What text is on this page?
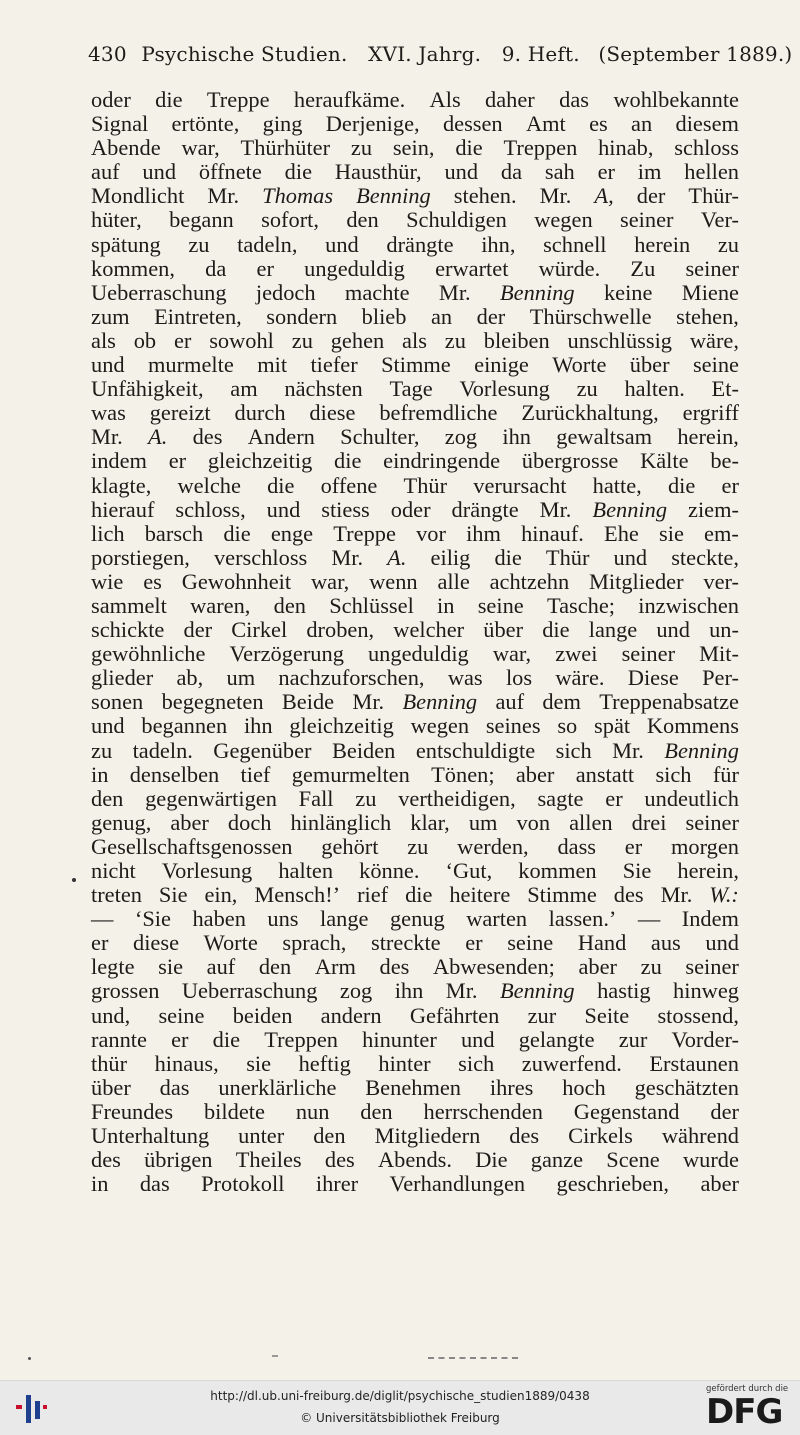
430 Psychische Studien. XVI. Jahrg. 9. Heft. (September 1889.)
oder die Treppe heraufkäme. Als daher das wohlbekannte
Signal ertönte, ging Derjenige, dessen Amt es an diesem
Abende war, Thürhüter zu sein, die Treppen hinab, schloss
auf und öffnete die Hausthür, und da sah er im hellen
Mondlicht Mr. Thomas Benning stehen. Mr. A, der Thür-
hüter, begann sofort, den Schuldigen wegen seiner Ver-
spätung zu tadeln, und drängte ihn, schnell herein zu
kommen, da er ungeduldig erwartet würde. Zu seiner
Ueberraschung jedoch machte Mr. Benning keine Miene
zum Eintreten, sondern blieb an der Thürschwelle stehen,
als ob er sowohl zu gehen als zu bleiben unschlüssig wäre,
und murmelte mit tiefer Stimme einige Worte über seine
Unfähigkeit, am nächsten Tage Vorlesung zu halten. Et-
was gereizt durch diese befremdliche Zurückhaltung, ergriff
Mr. A. des Andern Schulter, zog ihn gewaltsam herein,
indem er gleichzeitig die eindringende übergrosse Kälte be-
klagte, welche die offene Thür verursacht hatte, die er
hierauf schloss, und stiess oder drängte Mr. Benning ziem-
lich barsch die enge Treppe vor ihm hinauf. Ehe sie em-
porstiegen, verschloss Mr. A. eilig die Thür und steckte,
wie es Gewohnheit war, wenn alle achtzehn Mitglieder ver-
sammelt waren, den Schlüssel in seine Tasche; inzwischen
schickte der Cirkel droben, welcher über die lange und un-
gewöhnliche Verzögerung ungeduldig war, zwei seiner Mit-
glieder ab, um nachzuforschen, was los wäre. Diese Per-
sonen begegneten Beide Mr. Benning auf dem Treppenabsatze
und begannen ihn gleichzeitig wegen seines so spät Kommens
zu tadeln. Gegenüber Beiden entschuldigte sich Mr. Benning
in denselben tief gemurmelten Tönen; aber anstatt sich für
den gegenwärtigen Fall zu vertheidigen, sagte er undeutlich
genug, aber doch hinlänglich klar, um von allen drei seiner
Gesellschaftsgenossen gehört zu werden, dass er morgen
nicht Vorlesung halten könne. ‘Gut, kommen Sie herein,
treten Sie ein, Mensch!’ rief die heitere Stimme des Mr. W.:
— ‘Sie haben uns lange genug warten lassen.’ — Indem
er diese Worte sprach, streckte er seine Hand aus und
legte sie auf den Arm des Abwesenden; aber zu seiner
grossen Ueberraschung zog ihn Mr. Benning hastig hinweg
und, seine beiden andern Gefährten zur Seite stossend,
rannte er die Treppen hinunter und gelangte zur Vorder-
thür hinaus, sie heftig hinter sich zuwerfend. Erstaunen
über das unerklärliche Benehmen ihres hoch geschätzten
Freundes bildete nun den herrschenden Gegenstand der
Unterhaltung unter den Mitgliedern des Cirkels während
des übrigen Theiles des Abends. Die ganze Scene wurde
in das Protokoll ihrer Verhandlungen geschrieben, aber
http://dl.ub.uni-freiburg.de/diglit/psychische_studien1889/0438
© Universitätsbibliothek Freiburg
gefördert durch die
DFG
